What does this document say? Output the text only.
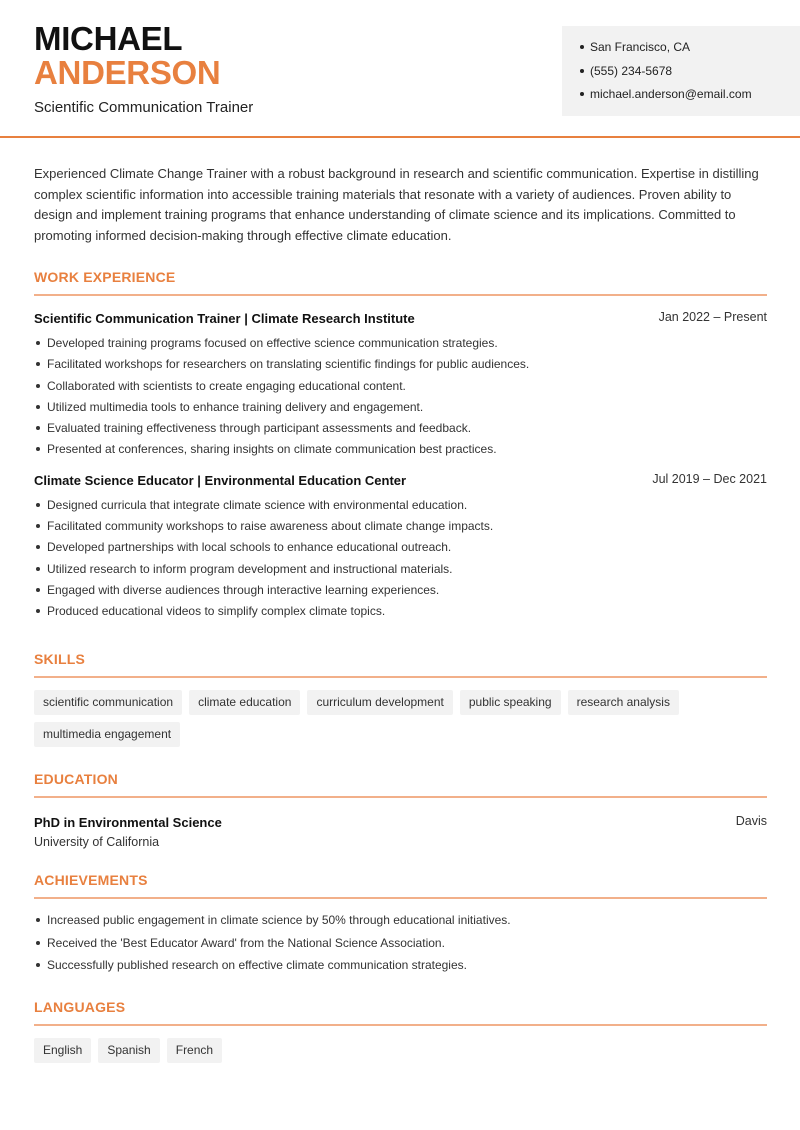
MICHAEL
ANDERSON
Scientific Communication Trainer
San Francisco, CA
(555) 234-5678
michael.anderson@email.com

Experienced Climate Change Trainer with a robust background in research and scientific communication. Expertise in distilling complex scientific information into accessible training materials that resonate with a variety of audiences. Proven ability to design and implement training programs that enhance understanding of climate science and its implications. Committed to promoting informed decision-making through effective climate education.

WORK EXPERIENCE
Scientific Communication Trainer | Climate Research Institute	Jan 2022 – Present
Developed training programs focused on effective science communication strategies.
Facilitated workshops for researchers on translating scientific findings for public audiences.
Collaborated with scientists to create engaging educational content.
Utilized multimedia tools to enhance training delivery and engagement.
Evaluated training effectiveness through participant assessments and feedback.
Presented at conferences, sharing insights on climate communication best practices.
Climate Science Educator | Environmental Education Center	Jul 2019 – Dec 2021
Designed curricula that integrate climate science with environmental education.
Facilitated community workshops to raise awareness about climate change impacts.
Developed partnerships with local schools to enhance educational outreach.
Utilized research to inform program development and instructional materials.
Engaged with diverse audiences through interactive learning experiences.
Produced educational videos to simplify complex climate topics.
SKILLS
scientific communication	climate education	curriculum development	public speaking	research analysis
multimedia engagement
EDUCATION
PhD in Environmental Science	Davis
University of California
ACHIEVEMENTS
Increased public engagement in climate science by 50% through educational initiatives.
Received the 'Best Educator Award' from the National Science Association.
Successfully published research on effective climate communication strategies.
LANGUAGES
English	Spanish	French
